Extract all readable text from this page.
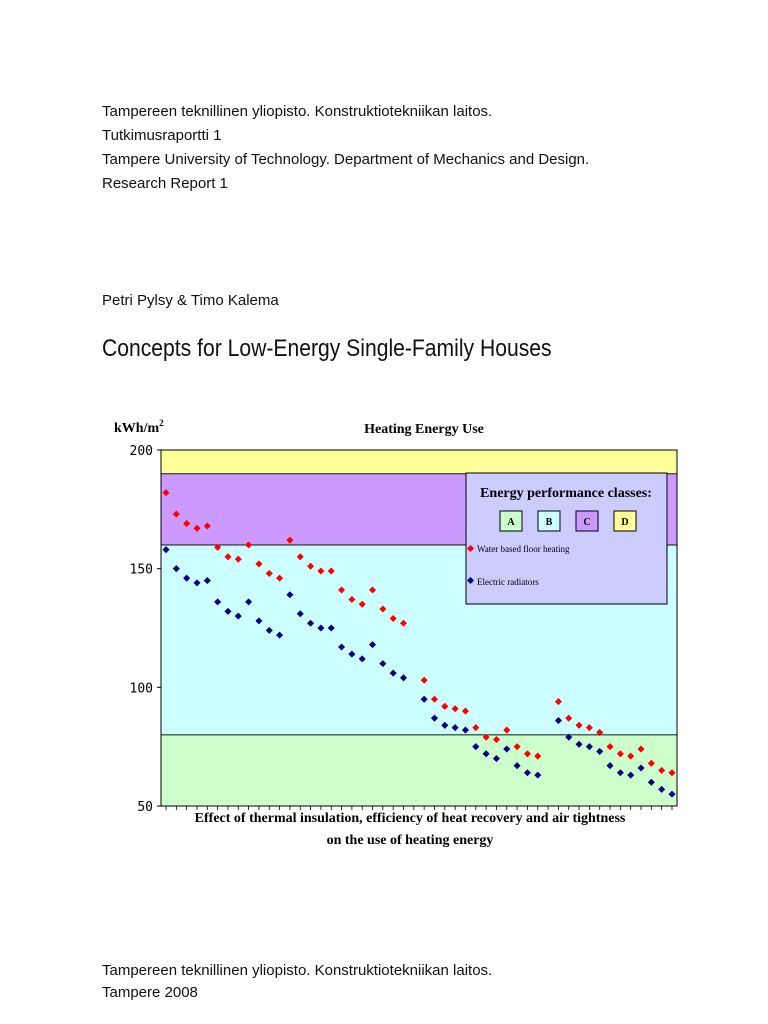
Tampereen teknillinen yliopisto. Konstruktiotekniikan laitos.
Tutkimusraportti 1
Tampere University of Technology. Department of Mechanics and Design.
Research Report 1
Petri Pylsy & Timo Kalema
Concepts for Low-Energy Single-Family Houses
200
150
100
50
kWh/$m^2$	Heating Energy Use
Energy performance classes:
A	B	C	D
Water based floor heating
Electric radiators
Effect of thermal insulation, efficiency of heat recovery and air tightness
on the use of heating energy
Tampereen teknillinen yliopisto. Konstruktiotekniikan laitos.
Tampere 2008
